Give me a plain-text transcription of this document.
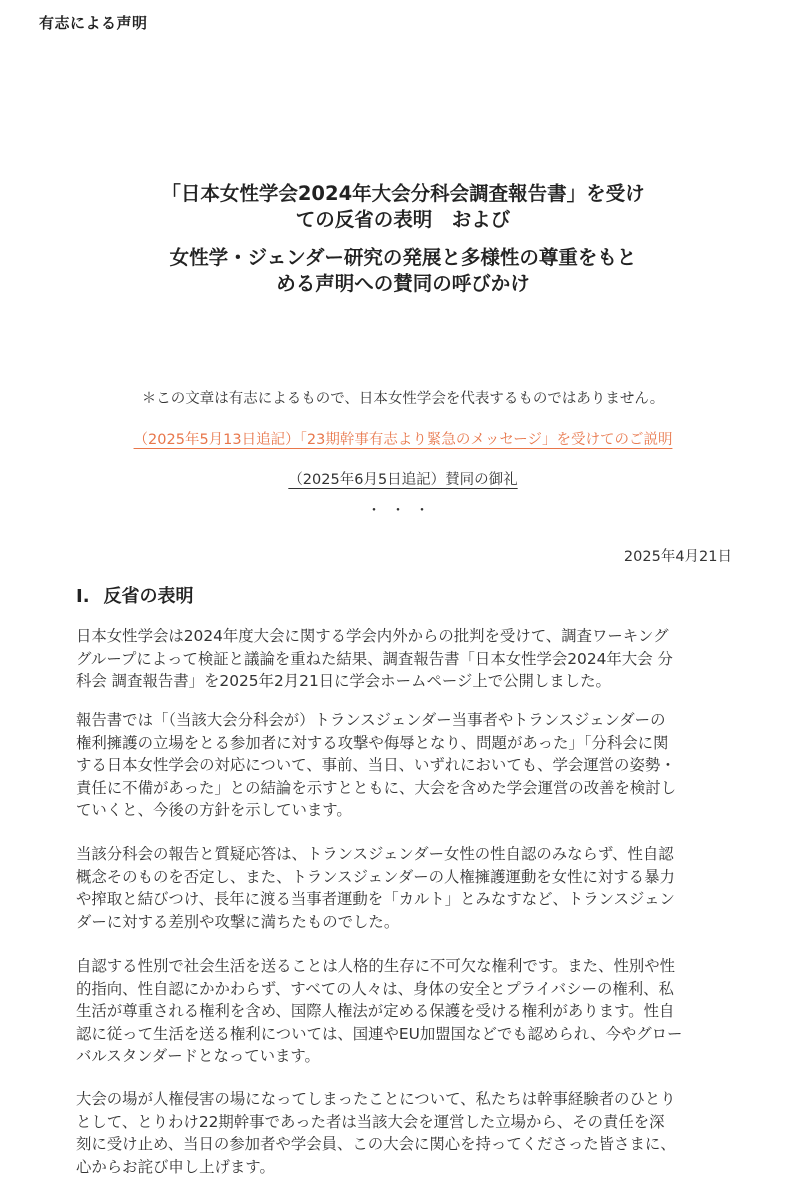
有志による声明
「日本女性学会2024年大会分科会調査報告書」を受け
ての反省の表明　および
女性学・ジェンダー研究の発展と多様性の尊重をもと
める声明への賛同の呼びかけ
＊この文章は有志によるもので、日本女性学会を代表するものではありません。
（2025年5月13日追記）「23期幹事有志より緊急のメッセージ」を受けてのご説明
（2025年6月5日追記）賛同の御礼
・・・
2025年4月21日
I. 反省の表明
日本女性学会は2024年度大会に関する学会内外からの批判を受けて、調査ワーキング
グループによって検証と議論を重ねた結果、調査報告書「日本女性学会2024年大会 分
科会 調査報告書」を2025年2月21日に学会ホームページ上で公開しました。
報告書では「（当該大会分科会が）トランスジェンダー当事者やトランスジェンダーの
権利擁護の立場をとる参加者に対する攻撃や侮辱となり、問題があった」「分科会に関
する日本女性学会の対応について、事前、当日、いずれにおいても、学会運営の姿勢・
責任に不備があった」との結論を示すとともに、大会を含めた学会運営の改善を検討し
ていくと、今後の方針を示しています。
当該分科会の報告と質疑応答は、トランスジェンダー女性の性自認のみならず、性自認
概念そのものを否定し、また、トランスジェンダーの人権擁護運動を女性に対する暴力
や搾取と結びつけ、長年に渡る当事者運動を「カルト」とみなすなど、トランスジェン
ダーに対する差別や攻撃に満ちたものでした。
自認する性別で社会生活を送ることは人格的生存に不可欠な権利です。また、性別や性
的指向、性自認にかかわらず、すべての人々は、身体の安全とプライバシーの権利、私
生活が尊重される権利を含め、国際人権法が定める保護を受ける権利があります。性自
認に従って生活を送る権利については、国連やEU加盟国などでも認められ、今やグロー
バルスタンダードとなっています。
大会の場が人権侵害の場になってしまったことについて、私たちは幹事経験者のひとり
として、とりわけ22期幹事であった者は当該大会を運営した立場から、その責任を深
刻に受け止め、当日の参加者や学会員、この大会に関心を持ってくださった皆さまに、
心からお詫び申し上げます。
